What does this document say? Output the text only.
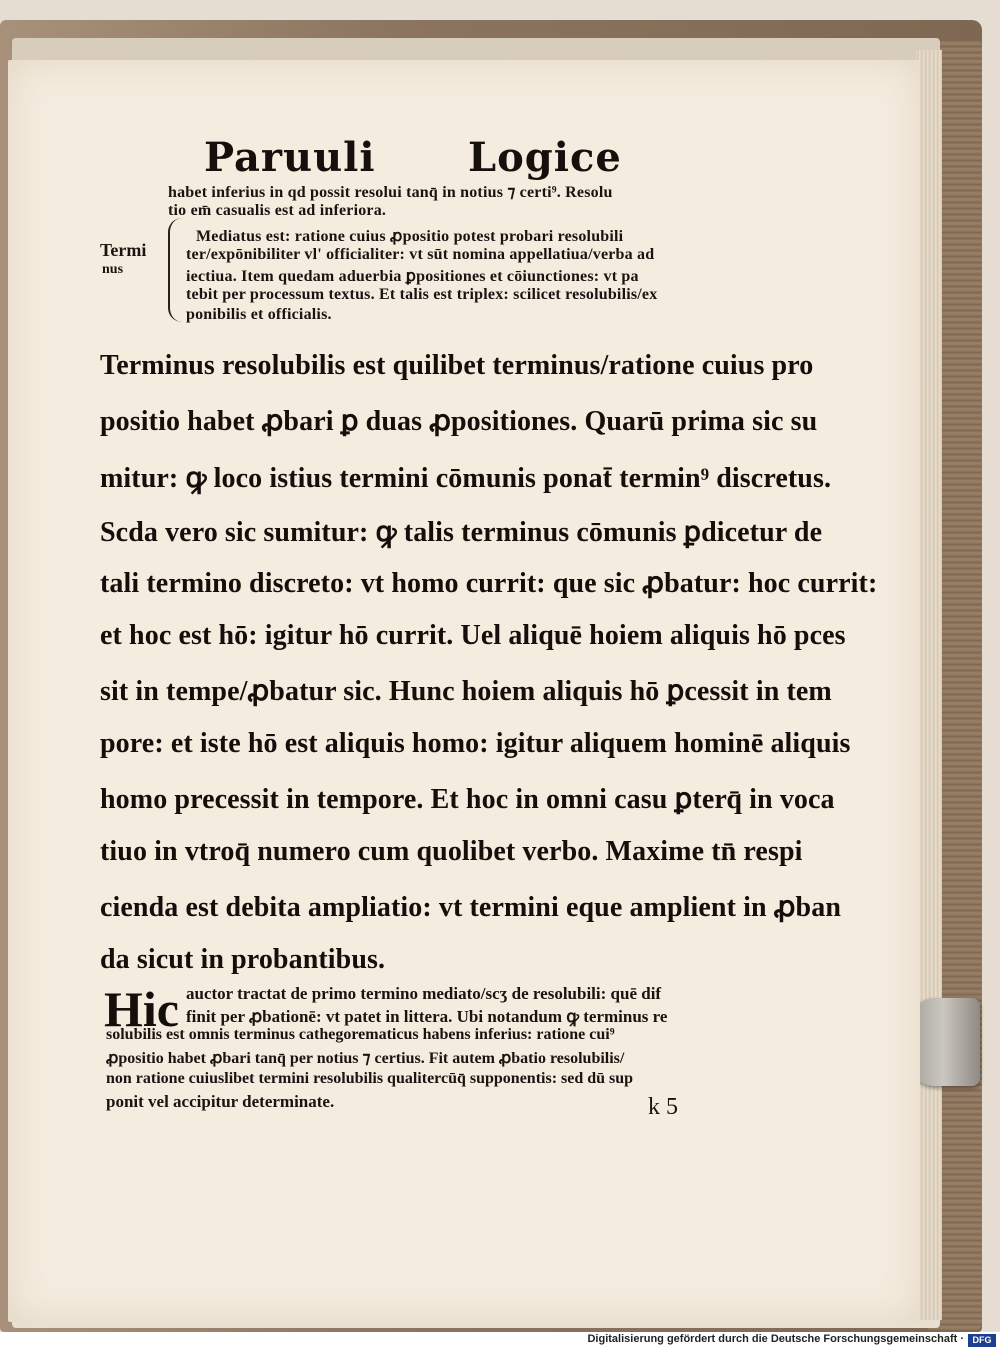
Paruuli Logice
habet inferius in qd possit resolui tanq̄ in notius ⁊ certi⁹. Resolu
tio em̄ casualis est ad inferiora.
Termi
nus
Mediatus est: ratione cuius ꝓpositio potest probari resolubili
ter/expōnibiliter vl' officialiter: vt sūt nomina appellatiua/verba ad
iectiua. Item quedam aduerbia ꝑpositiones et cōiunctiones: vt pa
tebit per processum textus. Et talis est triplex: scilicet resolubilis/ex
ponibilis et officialis.
Terminus resolubilis est quilibet terminus/ratione cuius pro
positio habet ꝓbari ꝑ duas ꝓpositiones. Quarū prima sic su
mitur: ꝙ loco istius termini cōmunis ponat̄ termin⁹ discretus.
Scda vero sic sumitur: ꝙ talis terminus cōmunis ꝑdicetur de
tali termino discreto: vt homo currit: que sic ꝓbatur: hoc currit:
et hoc est hō: igitur hō currit. Uel aliquē hoiem aliquis hō pces
sit in tempe/ꝓbatur sic. Hunc hoiem aliquis hō ꝑcessit in tem
pore: et iste hō est aliquis homo: igitur aliquem hominē aliquis
homo precessit in tempore. Et hoc in omni casu ꝑterq̄ in voca
tiuo in vtroq̄ numero cum quolibet verbo. Maxime tn̄ respi
cienda est debita ampliatio: vt termini eque amplient in ꝓban
da sicut in probantibus.
Hic auctor tractat de primo termino mediato/scʒ de resolubili: quē dif
finit per ꝓbationē: vt patet in littera. Ubi notandum ꝙ terminus re
solubilis est omnis terminus cathegorematicus habens inferius: ratione cui⁹
ꝓpositio habet ꝓbari tanq̄ per notius ⁊ certius. Fit autem ꝓbatio resolubilis/
non ratione cuiuslibet termini resolubilis qualitercūq̄ supponentis: sed dū sup
ponit vel accipitur determinate.	k 5
Digitalisierung gefördert durch die Deutsche Forschungsgemeinschaft · DFG
